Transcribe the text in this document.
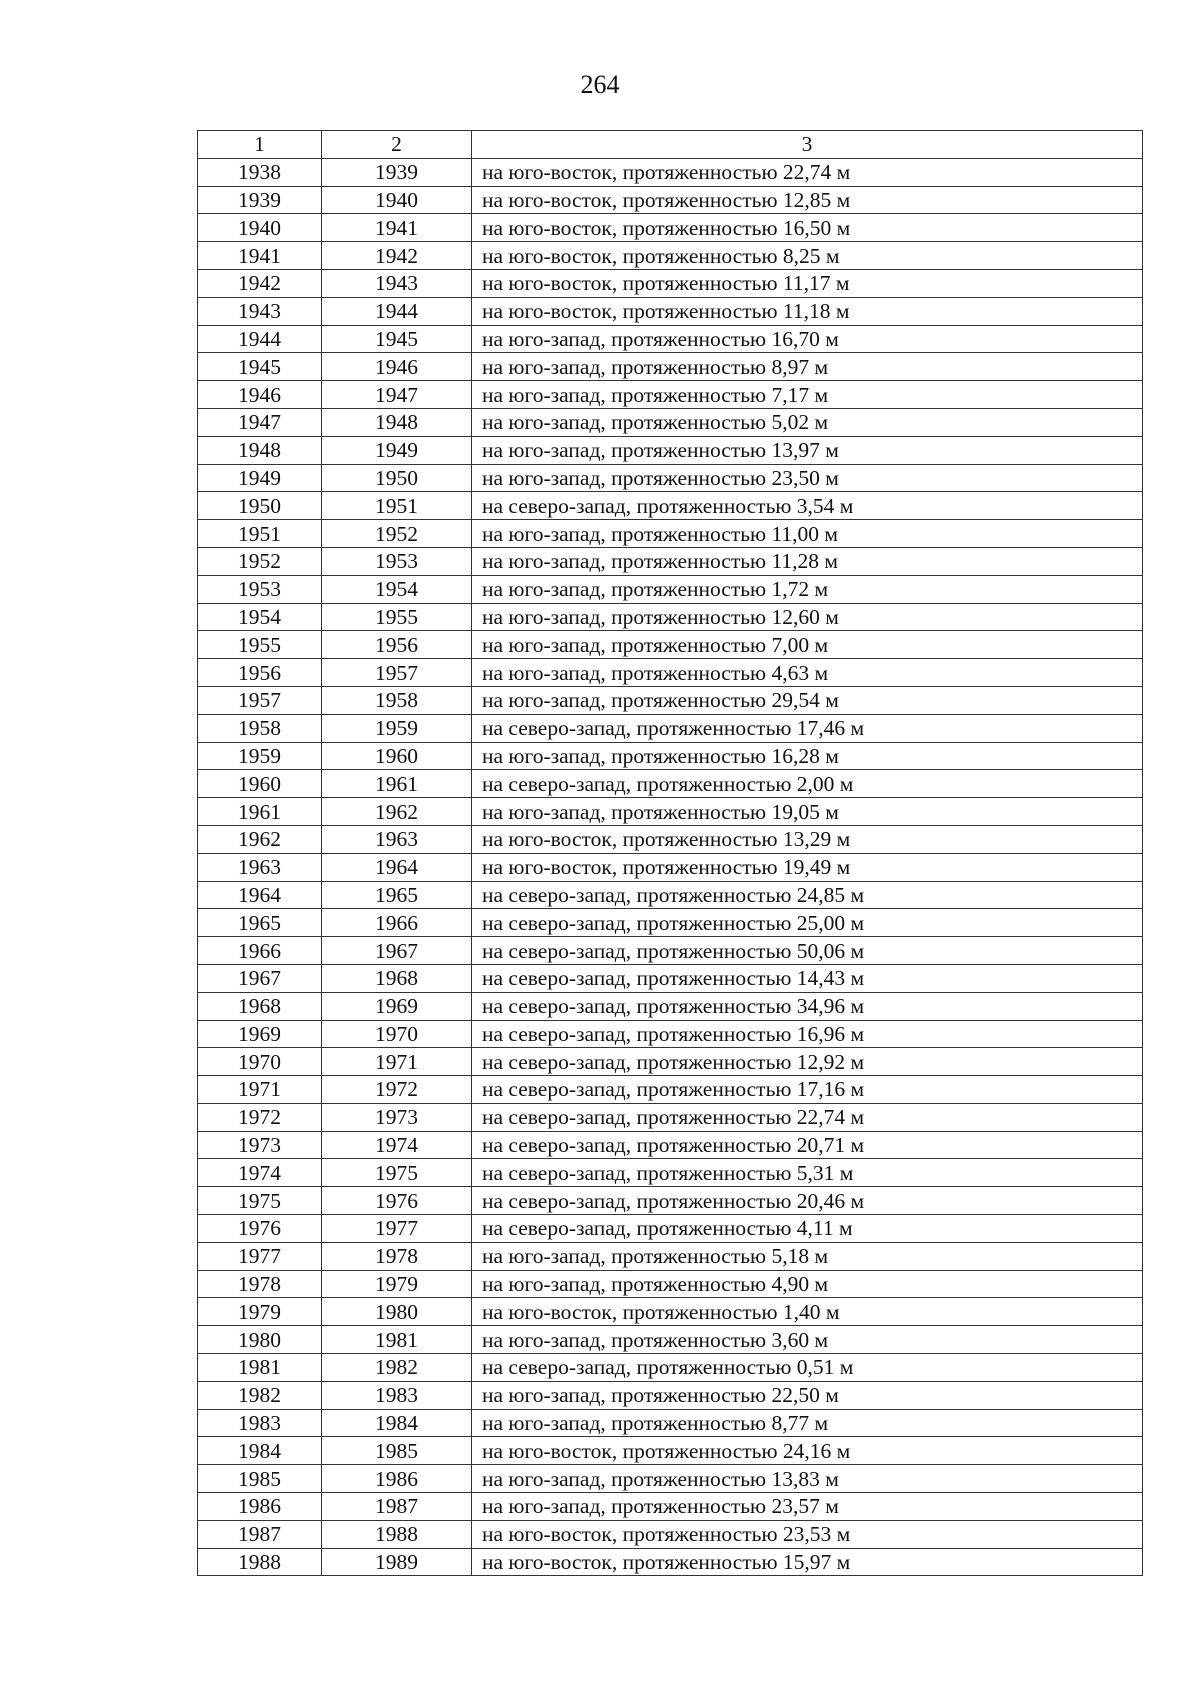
264
1	2	3
1938	1939	на юго-восток, протяженностью 22,74 м
1939	1940	на юго-восток, протяженностью 12,85 м
1940	1941	на юго-восток, протяженностью 16,50 м
1941	1942	на юго-восток, протяженностью 8,25 м
1942	1943	на юго-восток, протяженностью 11,17 м
1943	1944	на юго-восток, протяженностью 11,18 м
1944	1945	на юго-запад, протяженностью 16,70 м
1945	1946	на юго-запад, протяженностью 8,97 м
1946	1947	на юго-запад, протяженностью 7,17 м
1947	1948	на юго-запад, протяженностью 5,02 м
1948	1949	на юго-запад, протяженностью 13,97 м
1949	1950	на юго-запад, протяженностью 23,50 м
1950	1951	на северо-запад, протяженностью 3,54 м
1951	1952	на юго-запад, протяженностью 11,00 м
1952	1953	на юго-запад, протяженностью 11,28 м
1953	1954	на юго-запад, протяженностью 1,72 м
1954	1955	на юго-запад, протяженностью 12,60 м
1955	1956	на юго-запад, протяженностью 7,00 м
1956	1957	на юго-запад, протяженностью 4,63 м
1957	1958	на юго-запад, протяженностью 29,54 м
1958	1959	на северо-запад, протяженностью 17,46 м
1959	1960	на юго-запад, протяженностью 16,28 м
1960	1961	на северо-запад, протяженностью 2,00 м
1961	1962	на юго-запад, протяженностью 19,05 м
1962	1963	на юго-восток, протяженностью 13,29 м
1963	1964	на юго-восток, протяженностью 19,49 м
1964	1965	на северо-запад, протяженностью 24,85 м
1965	1966	на северо-запад, протяженностью 25,00 м
1966	1967	на северо-запад, протяженностью 50,06 м
1967	1968	на северо-запад, протяженностью 14,43 м
1968	1969	на северо-запад, протяженностью 34,96 м
1969	1970	на северо-запад, протяженностью 16,96 м
1970	1971	на северо-запад, протяженностью 12,92 м
1971	1972	на северо-запад, протяженностью 17,16 м
1972	1973	на северо-запад, протяженностью 22,74 м
1973	1974	на северо-запад, протяженностью 20,71 м
1974	1975	на северо-запад, протяженностью 5,31 м
1975	1976	на северо-запад, протяженностью 20,46 м
1976	1977	на северо-запад, протяженностью 4,11 м
1977	1978	на юго-запад, протяженностью 5,18 м
1978	1979	на юго-запад, протяженностью 4,90 м
1979	1980	на юго-восток, протяженностью 1,40 м
1980	1981	на юго-запад, протяженностью 3,60 м
1981	1982	на северо-запад, протяженностью 0,51 м
1982	1983	на юго-запад, протяженностью 22,50 м
1983	1984	на юго-запад, протяженностью 8,77 м
1984	1985	на юго-восток, протяженностью 24,16 м
1985	1986	на юго-запад, протяженностью 13,83 м
1986	1987	на юго-запад, протяженностью 23,57 м
1987	1988	на юго-восток, протяженностью 23,53 м
1988	1989	на юго-восток, протяженностью 15,97 м
